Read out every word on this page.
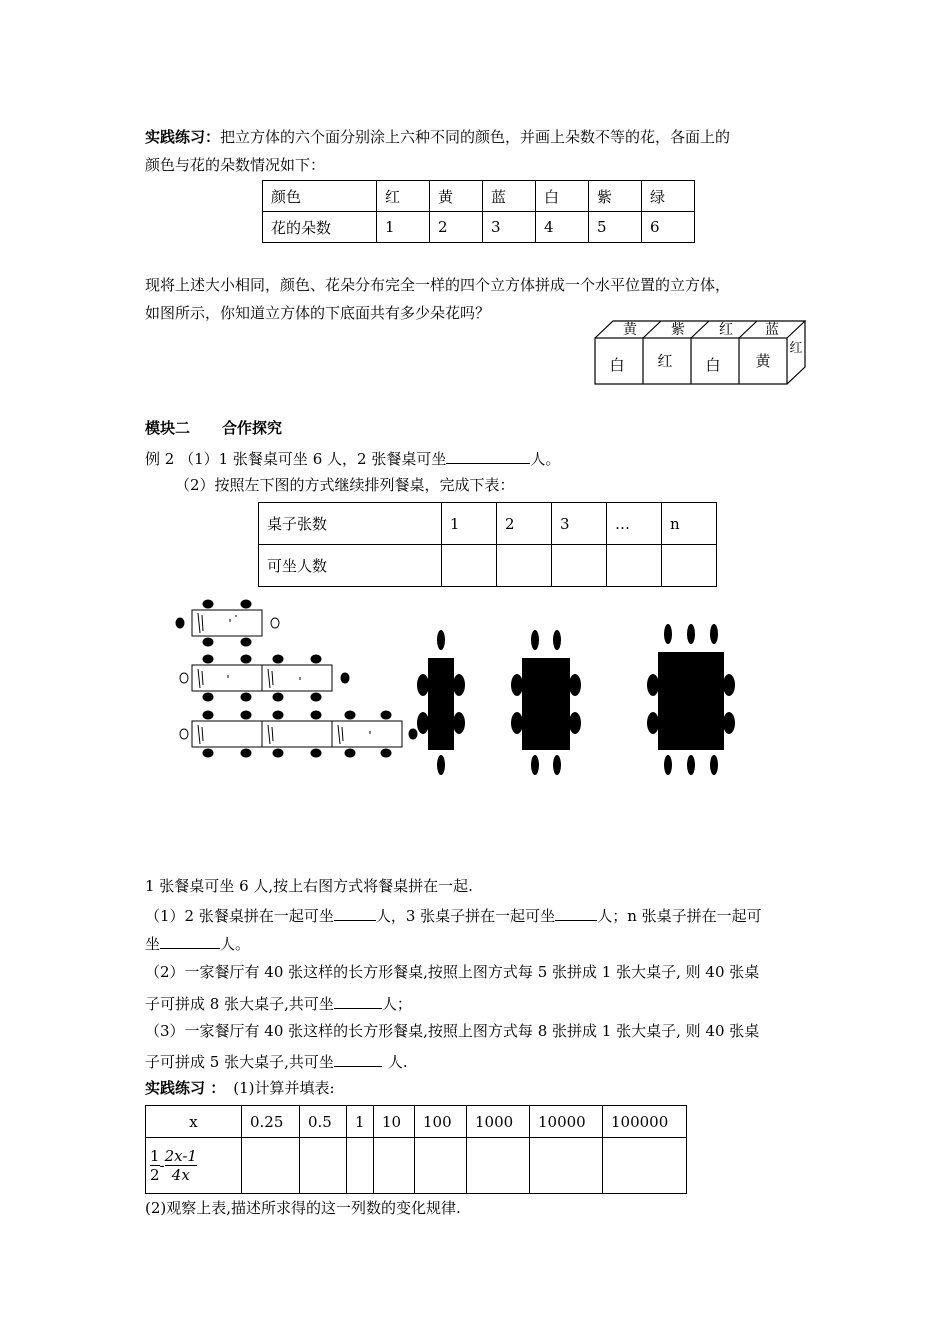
实践练习：把立方体的六个面分别涂上六种不同的颜色，并画上朵数不等的花，各面上的
颜色与花的朵数情况如下：
颜色	红	黄	蓝	白	紫	绿
花的朵数	1	2	3	4	5	6
现将上述大小相同，颜色、花朵分布完全一样的四个立方体拼成一个水平位置的立方体，
如图所示，你知道立方体的下底面共有多少朵花吗？
黄 紫 红 蓝
白 红 白 黄
红
模块二 合作探究
例 2 （1）1 张餐桌可坐 6 人，2 张餐桌可坐	人。
（2）按照左下图的方式继续排列餐桌，完成下表：
桌子张数	1	2	3	…	n
可坐人数					
1 张餐桌可坐 6 人,按上右图方式将餐桌拼在一起.
（1）2 张餐桌拼在一起可坐	人，3 张桌子拼在一起可坐	人；n 张桌子拼在一起可
坐	人。
（2）一家餐厅有 40 张这样的长方形餐桌,按照上图方式每 5 张拼成 1 张大桌子, 则 40 张桌
子可拼成 8 张大桌子,共可坐	人；
（3）一家餐厅有 40 张这样的长方形餐桌,按照上图方式每 8 张拼成 1 张大桌子, 则 40 张桌
子可拼成 5 张大桌子,共可坐	人.
实践练习 ： (1)计算并填表:
x	0.25	0.5	1	10	100	1000	10000	100000

$\frac{1}{2} - \frac{2x-1}{4x}$

(2)观察上表,描述所求得的这一列数的变化规律.
